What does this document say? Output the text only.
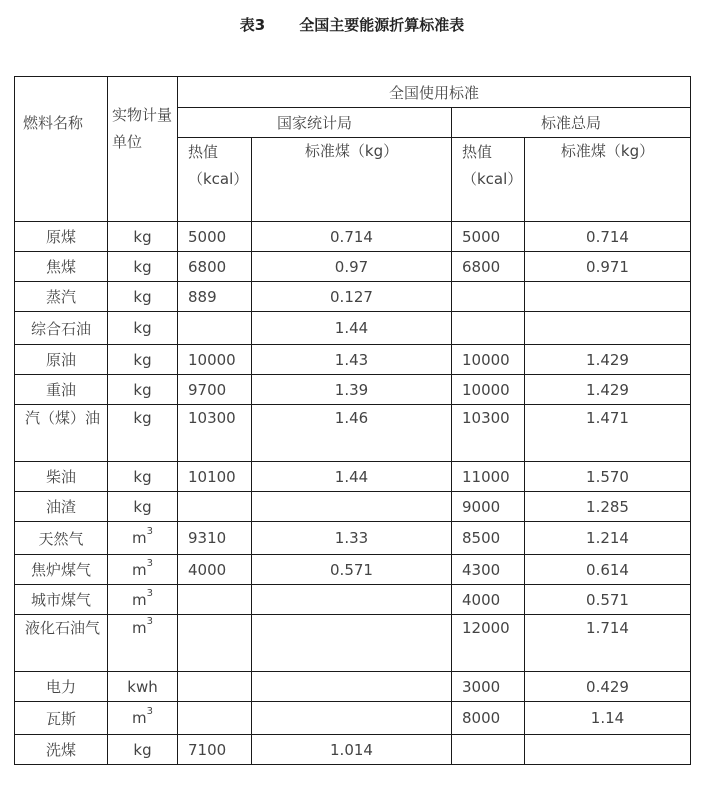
表3 全国主要能源折算标准表
燃料名称	实物计量单位	全国使用标准			
		国家统计局		标准总局	
		热值（kcal）	标准煤（kg）	热值（kcal）	标准煤（kg）
原煤	kg	5000	0.714	5000	0.714
焦煤	kg	6800	0.97	6800	0.971
蒸汽	kg	889	0.127		
综合石油	kg		1.44		
原油	kg	10000	1.43	10000	1.429
重油	kg	9700	1.39	10000	1.429
汽（煤）油	kg	10300	1.46	10300	1.471
柴油	kg	10100	1.44	11000	1.570
油渣	kg			9000	1.285
天然气	$m^3$	9310	1.33	8500	1.214
焦炉煤气	$m^3$	4000	0.571	4300	0.614
城市煤气	$m^3$			4000	0.571
液化石油气	$m^3$			12000	1.714
电力	kwh			3000	0.429
瓦斯	$m^3$			8000	1.14
洗煤	kg	7100	1.014		
